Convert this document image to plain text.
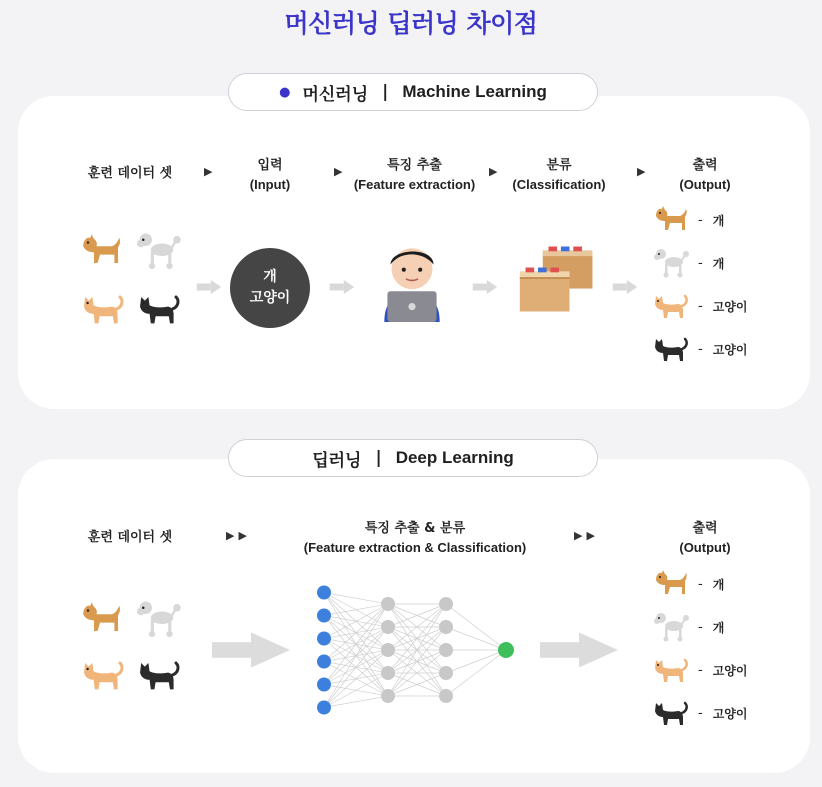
머신러닝 딥러닝 차이점
● 머신러닝 | Machine Learning
훈련 데이터 셋	▶	입력
(Input)
▶	특징 추출
(Feature extraction)
▶	분류
(Classification)
▶	출력
(Output)
개
고양이
- 개
- 개
- 고양이
- 고양이
딥러닝 | Deep Learning
훈련 데이터 셋	▶▶	특징 추출 & 분류
(Feature extraction & Classification)
▶▶	출력
(Output)
- 개
- 개
- 고양이
- 고양이
